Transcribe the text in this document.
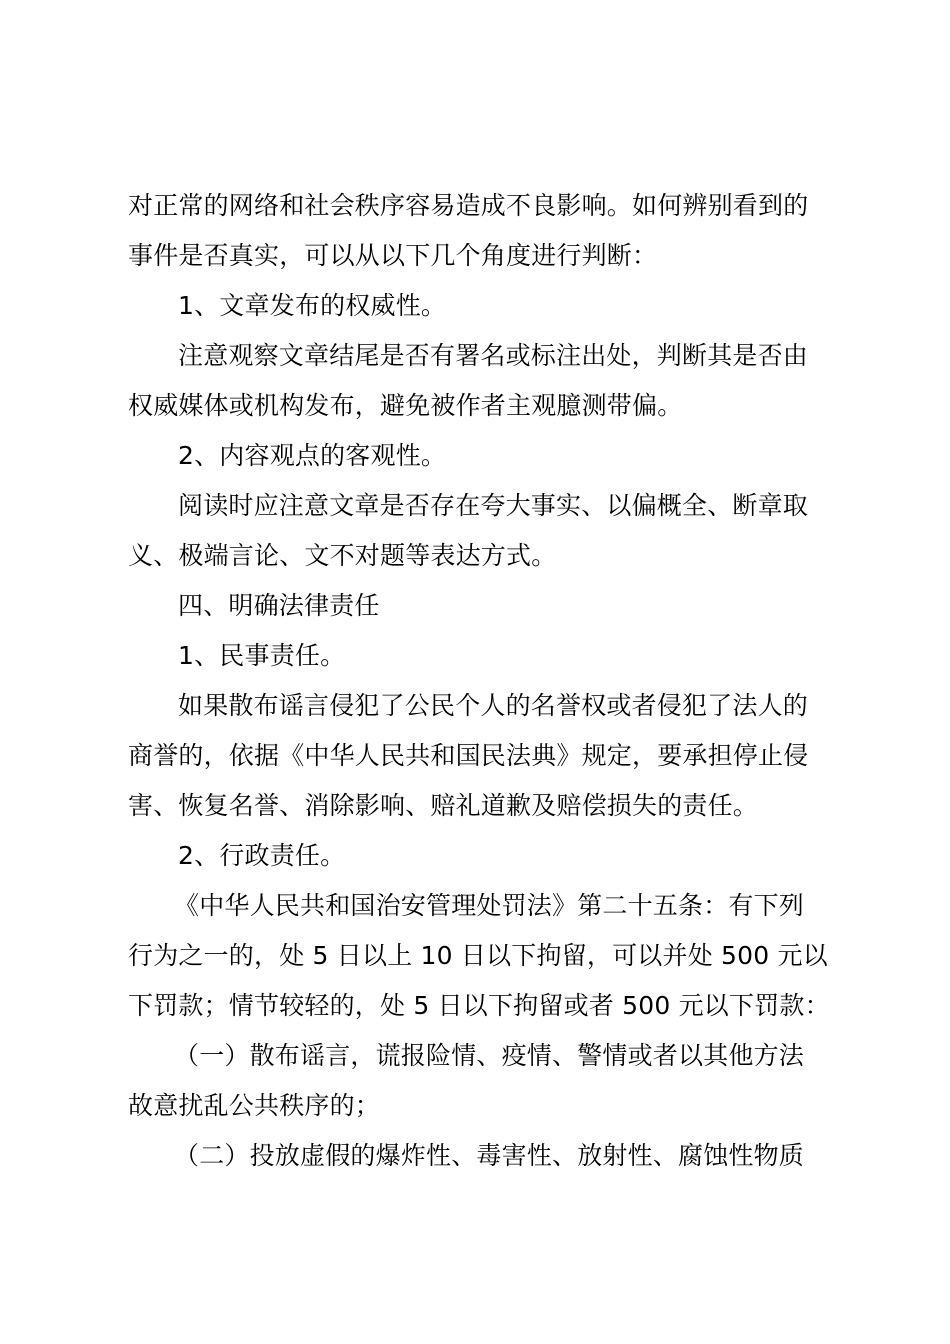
对正常的网络和社会秩序容易造成不良影响。如何辨别看到的
事件是否真实，可以从以下几个角度进行判断：
1、文章发布的权威性。
注意观察文章结尾是否有署名或标注出处，判断其是否由
权威媒体或机构发布，避免被作者主观臆测带偏。
2、内容观点的客观性。
阅读时应注意文章是否存在夸大事实、以偏概全、断章取
义、极端言论、文不对题等表达方式。
四、明确法律责任
1、民事责任。
如果散布谣言侵犯了公民个人的名誉权或者侵犯了法人的
商誉的，依据《中华人民共和国民法典》规定，要承担停止侵
害、恢复名誉、消除影响、赔礼道歉及赔偿损失的责任。
2、行政责任。
《中华人民共和国治安管理处罚法》第二十五条：有下列
行为之一的，处 5 日以上 10 日以下拘留，可以并处 500 元以
下罚款；情节较轻的，处 5 日以下拘留或者 500 元以下罚款：
（一）散布谣言，谎报险情、疫情、警情或者以其他方法
故意扰乱公共秩序的；
（二）投放虚假的爆炸性、毒害性、放射性、腐蚀性物质
